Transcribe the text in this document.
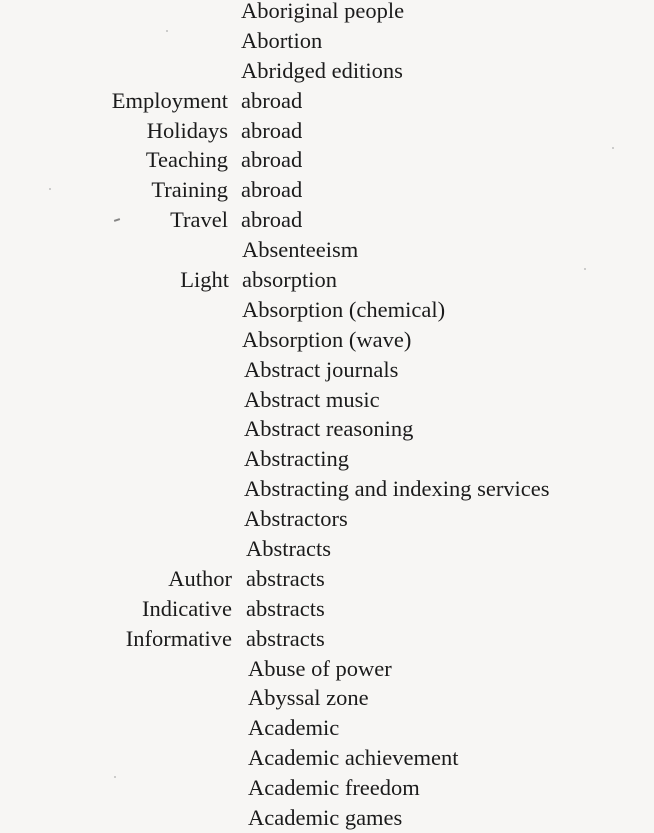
Aboriginal people
Abortion
Abridged editions
Employment abroad
Holidays abroad
Teaching abroad
Training abroad
Travel abroad
Absenteeism
Light absorption
Absorption (chemical)
Absorption (wave)
Abstract journals
Abstract music
Abstract reasoning
Abstracting
Abstracting and indexing services
Abstractors
Abstracts
Author abstracts
Indicative abstracts
Informative abstracts
Abuse of power
Abyssal zone
Academic
Academic achievement
Academic freedom
Academic games
